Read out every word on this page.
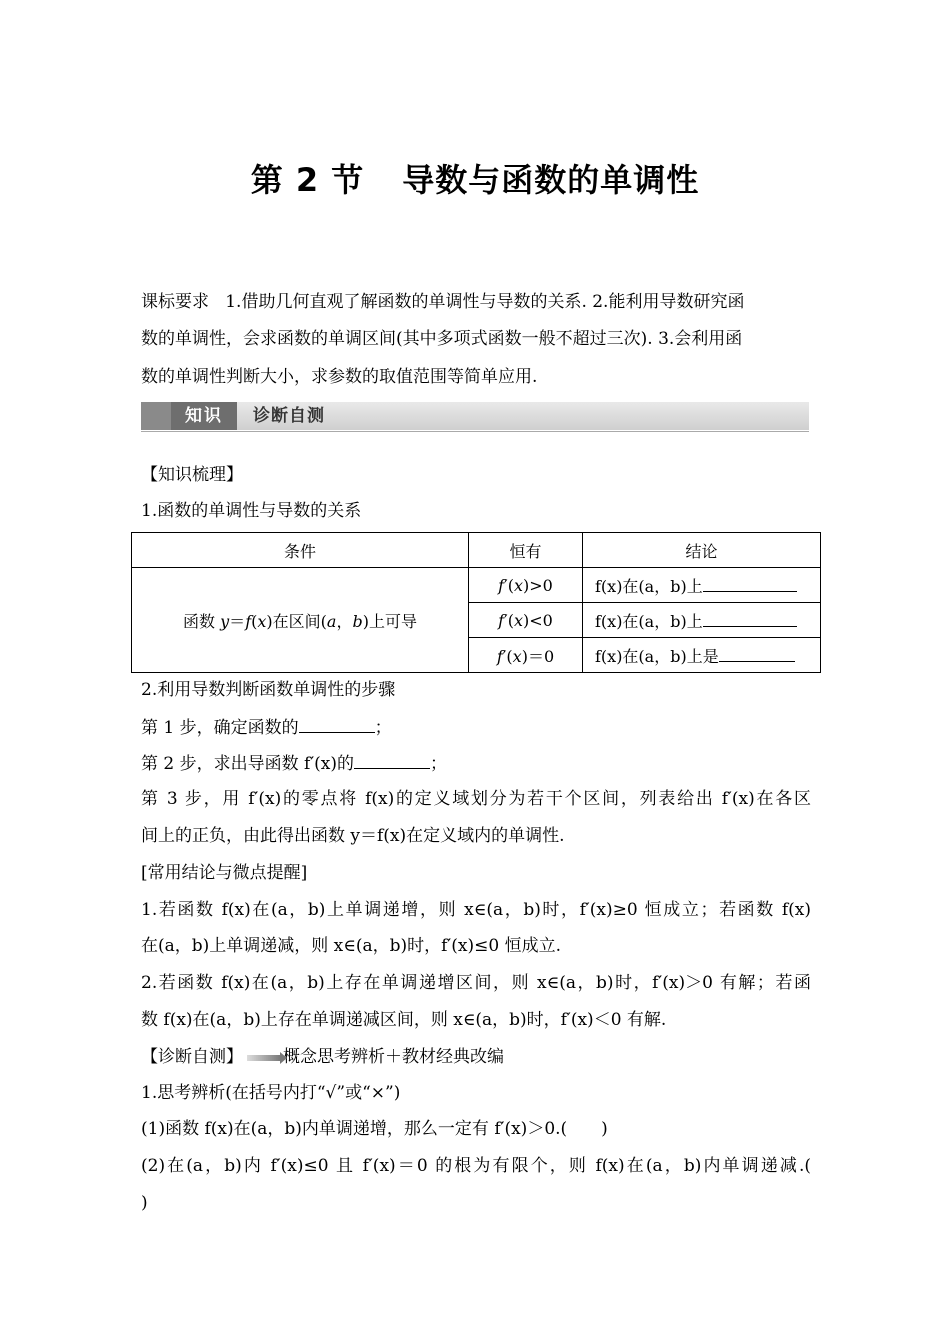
第 2 节 导数与函数的单调性
课标要求 1.借助几何直观了解函数的单调性与导数的关系. 2.能利用导数研究函
数的单调性，会求函数的单调区间(其中多项式函数一般不超过三次). 3.会利用函
数的单调性判断大小，求参数的取值范围等简单应用.
知识	诊断自测
【知识梳理】
1.函数的单调性与导数的关系
条件	恒有	结论
函数 y＝f(x)在区间(a，b)上可导	f′(x)>0	f(x)在(a，b)上
	f′(x)<0	f(x)在(a，b)上
	f′(x)＝0	f(x)在(a，b)上是
2.利用导数判断函数单调性的步骤
第 1 步，确定函数的	；
第 2 步，求出导函数 f′(x)的	；
第 3 步，用 f′(x)的零点将 f(x)的定义域划分为若干个区间，列表给出 f′(x)在各区
间上的正负，由此得出函数 y＝f(x)在定义域内的单调性.
[常用结论与微点提醒]
1.若函数 f(x)在(a，b)上单调递增，则 x∈(a，b)时，f′(x)≥0 恒成立；若函数 f(x)
在(a，b)上单调递减，则 x∈(a，b)时，f′(x)≤0 恒成立.
2.若函数 f(x)在(a，b)上存在单调递增区间，则 x∈(a，b)时，f′(x)＞0 有解；若函
数 f(x)在(a，b)上存在单调递减区间，则 x∈(a，b)时，f′(x)＜0 有解.
【诊断自测】 概念思考辨析＋教材经典改编
1.思考辨析(在括号内打“√”或“×”)
(1)函数 f(x)在(a，b)内单调递增，那么一定有 f′(x)＞0.(　　)
(2)在(a，b)内 f′(x)≤0 且 f′(x)＝0 的根为有限个，则 f(x)在(a，b)内单调递减.(
)
